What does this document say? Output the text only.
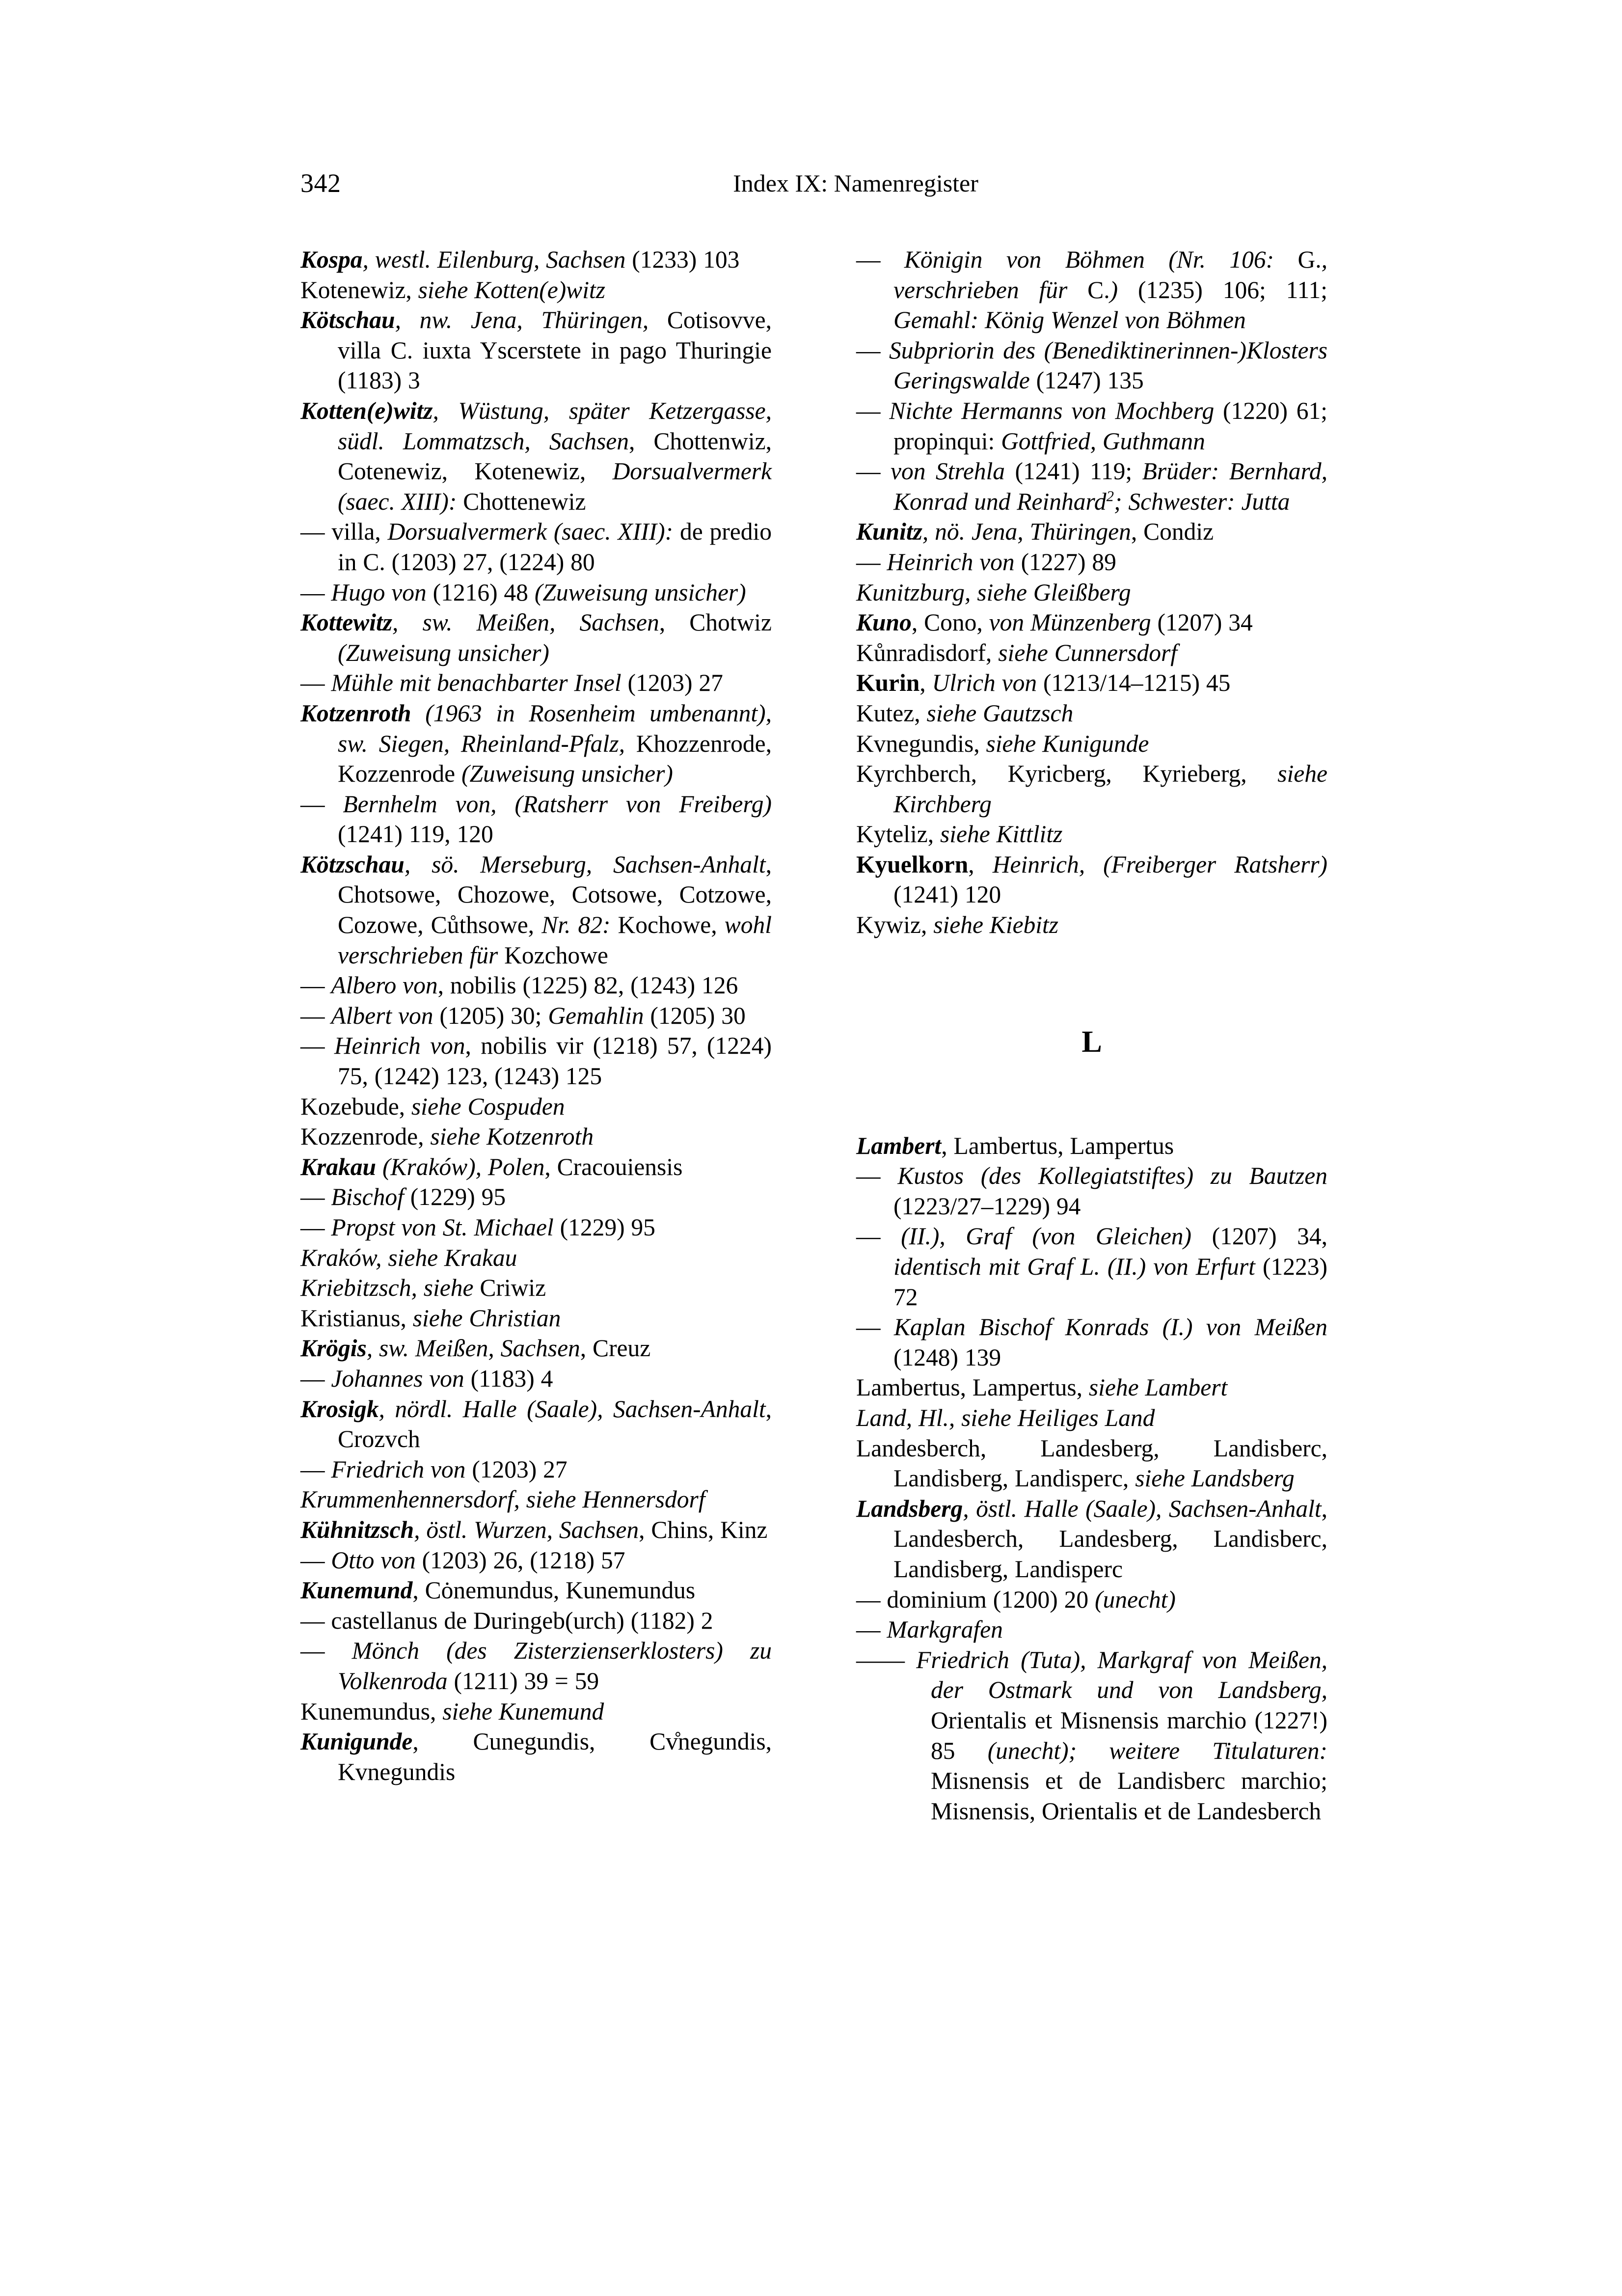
342	Index IX: Namenregister

Kospa, westl. Eilenburg, Sachsen (1233) 103

Kotenewiz, siehe Kotten(e)witz

Kötschau, nw. Jena, Thüringen, Cotisovve, villa C. iuxta Yscerstete in pago Thuringie (1183) 3

Kotten(e)witz, Wüstung, später Ketzergasse, südl. Lommatzsch, Sachsen, Chottenwiz, Cotenewiz, Kotenewiz, Dorsualvermerk (saec. XIII): Chottenewiz

— villa, Dorsualvermerk (saec. XIII): de predio in C. (1203) 27, (1224) 80

— Hugo von (1216) 48 (Zuweisung unsicher)

Kottewitz, sw. Meißen, Sachsen, Chotwiz (Zuweisung unsicher)

— Mühle mit benachbarter Insel (1203) 27

Kotzenroth (1963 in Rosenheim umbenannt), sw. Siegen, Rheinland-Pfalz, Khozzenrode, Kozzenrode (Zuweisung unsicher)

— Bernhelm von, (Ratsherr von Freiberg) (1241) 119, 120

Kötzschau, sö. Merseburg, Sachsen-Anhalt, Chotsowe, Chozowe, Cotsowe, Cotzowe, Cozowe, Cůthsowe, Nr. 82: Kochowe, wohl verschrieben für Kozchowe

— Albero von, nobilis (1225) 82, (1243) 126

— Albert von (1205) 30; Gemahlin (1205) 30

— Heinrich von, nobilis vir (1218) 57, (1224) 75, (1242) 123, (1243) 125

Kozebude, siehe Cospuden

Kozzenrode, siehe Kotzenroth

Krakau (Kraków), Polen, Cracouiensis

— Bischof (1229) 95

— Propst von St. Michael (1229) 95

Kraków, siehe Krakau

Kriebitzsch, siehe Criwiz

Kristianus, siehe Christian

Krögis, sw. Meißen, Sachsen, Creuz

— Johannes von (1183) 4

Krosigk, nördl. Halle (Saale), Sachsen-Anhalt, Crozvch

— Friedrich von (1203) 27

Krummenhennersdorf, siehe Hennersdorf

Kühnitzsch, östl. Wurzen, Sachsen, Chins, Kinz

— Otto von (1203) 26, (1218) 57

Kunemund, Cȯnemundus, Kunemundus

— castellanus de Duringeb(urch) (1182) 2

— Mönch (des Zisterzienserklosters) zu Volkenroda (1211) 39 = 59

Kunemundus, siehe Kunemund

Kunigunde, Cunegundis, Cv̊negundis, Kvnegundis

— Königin von Böhmen (Nr. 106: G., verschrieben für C.) (1235) 106; 111; Gemahl: König Wenzel von Böhmen

— Subpriorin des (Benediktinerinnen-)Klosters Geringswalde (1247) 135

— Nichte Hermanns von Mochberg (1220) 61; propinqui: Gottfried, Guthmann

— von Strehla (1241) 119; Brüder: Bernhard, Konrad und Reinhard$^2$; Schwester: Jutta

Kunitz, nö. Jena, Thüringen, Condiz

— Heinrich von (1227) 89

Kunitzburg, siehe Gleißberg

Kuno, Cono, von Münzenberg (1207) 34

Kůnradisdorf, siehe Cunnersdorf

Kurin, Ulrich von (1213/14–1215) 45

Kutez, siehe Gautzsch

Kvnegundis, siehe Kunigunde

Kyrchberch, Kyricberg, Kyrieberg, siehe Kirchberg

Kyteliz, siehe Kittlitz

Kyuelkorn, Heinrich, (Freiberger Ratsherr) (1241) 120

Kywiz, siehe Kiebitz

L

Lambert, Lambertus, Lampertus

— Kustos (des Kollegiatstiftes) zu Bautzen (1223/27–1229) 94

— (II.), Graf (von Gleichen) (1207) 34, identisch mit Graf L. (II.) von Erfurt (1223) 72

— Kaplan Bischof Konrads (I.) von Meißen (1248) 139

Lambertus, Lampertus, siehe Lambert

Land, Hl., siehe Heiliges Land

Landesberch, Landesberg, Landisberc, Landisberg, Landisperc, siehe Landsberg

Landsberg, östl. Halle (Saale), Sachsen-Anhalt, Landesberch, Landesberg, Landisberc, Landisberg, Landisperc

— dominium (1200) 20 (unecht)

— Markgrafen

—— Friedrich (Tuta), Markgraf von Meißen, der Ostmark und von Landsberg, Orientalis et Misnensis marchio (1227!) 85 (unecht); weitere Titulaturen: Misnensis et de Landisberc marchio; Misnensis, Orientalis et de Landesberch
